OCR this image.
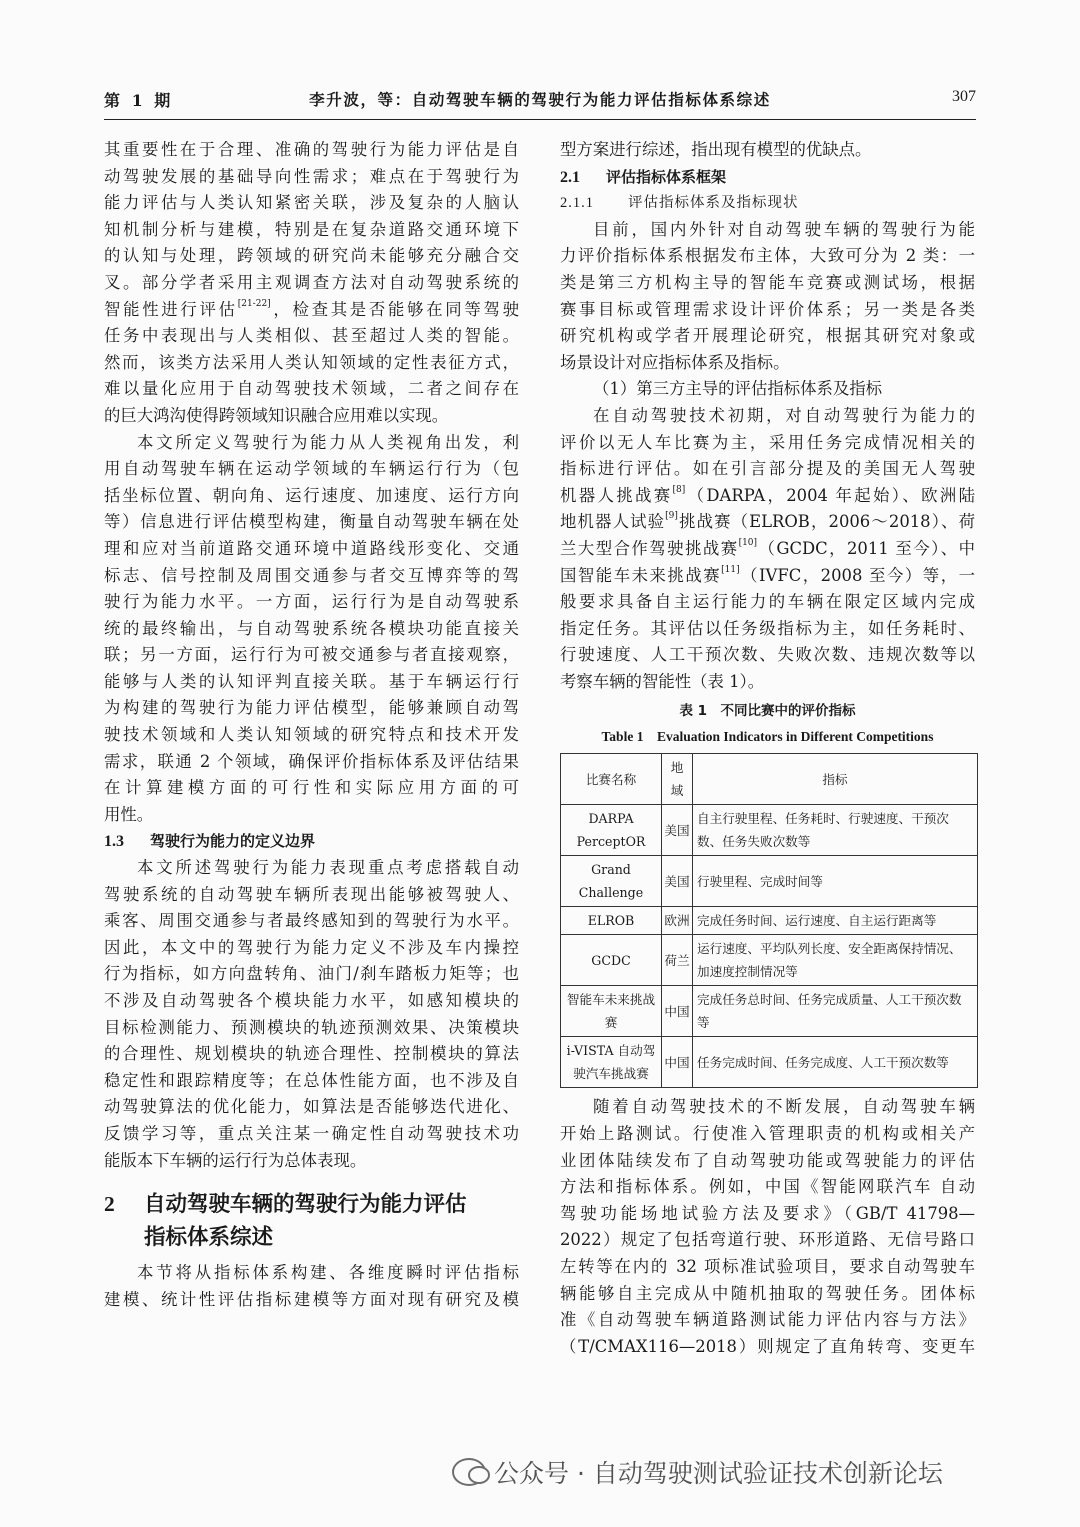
第 1 期	李升波，等：自动驾驶车辆的驾驶行为能力评估指标体系综述	307
其重要性在于合理、准确的驾驶行为能力评估是自
动驾驶发展的基础导向性需求；难点在于驾驶行为
能力评估与人类认知紧密关联，涉及复杂的人脑认
知机制分析与建模，特别是在复杂道路交通环境下
的认知与处理，跨领域的研究尚未能够充分融合交
叉。部分学者采用主观调查方法对自动驾驶系统的
智能性进行评估[21-22]，检查其是否能够在同等驾驶
任务中表现出与人类相似、甚至超过人类的智能。
然而，该类方法采用人类认知领域的定性表征方式，
难以量化应用于自动驾驶技术领域，二者之间存在
的巨大鸿沟使得跨领域知识融合应用难以实现。
本文所定义驾驶行为能力从人类视角出发，利
用自动驾驶车辆在运动学领域的车辆运行行为（包
括坐标位置、朝向角、运行速度、加速度、运行方向
等）信息进行评估模型构建，衡量自动驾驶车辆在处
理和应对当前道路交通环境中道路线形变化、交通
标志、信号控制及周围交通参与者交互博弈等的驾
驶行为能力水平。一方面，运行行为是自动驾驶系
统的最终输出，与自动驾驶系统各模块功能直接关
联；另一方面，运行行为可被交通参与者直接观察，
能够与人类的认知评判直接关联。基于车辆运行行
为构建的驾驶行为能力评估模型，能够兼顾自动驾
驶技术领域和人类认知领域的研究特点和技术开发
需求，联通 2 个领域，确保评价指标体系及评估结果
在计算建模方面的可行性和实际应用方面的可
用性。
1.3 驾驶行为能力的定义边界
本文所述驾驶行为能力表现重点考虑搭载自动
驾驶系统的自动驾驶车辆所表现出能够被驾驶人、
乘客、周围交通参与者最终感知到的驾驶行为水平。
因此，本文中的驾驶行为能力定义不涉及车内操控
行为指标，如方向盘转角、油门/刹车踏板力矩等；也
不涉及自动驾驶各个模块能力水平，如感知模块的
目标检测能力、预测模块的轨迹预测效果、决策模块
的合理性、规划模块的轨迹合理性、控制模块的算法
稳定性和跟踪精度等；在总体性能方面，也不涉及自
动驾驶算法的优化能力，如算法是否能够迭代进化、
反馈学习等，重点关注某一确定性自动驾驶技术功
能版本下车辆的运行行为总体表现。
2 自动驾驶车辆的驾驶行为能力评估
指标体系综述
本节将从指标体系构建、各维度瞬时评估指标
建模、统计性评估指标建模等方面对现有研究及模
型方案进行综述，指出现有模型的优缺点。
2.1 评估指标体系框架
2.1.1 评估指标体系及指标现状
目前，国内外针对自动驾驶车辆的驾驶行为能
力评价指标体系根据发布主体，大致可分为 2 类：一
类是第三方机构主导的智能车竞赛或测试场，根据
赛事目标或管理需求设计评价体系；另一类是各类
研究机构或学者开展理论研究，根据其研究对象或
场景设计对应指标体系及指标。
（1）第三方主导的评估指标体系及指标
在自动驾驶技术初期，对自动驾驶行为能力的
评价以无人车比赛为主，采用任务完成情况相关的
指标进行评估。如在引言部分提及的美国无人驾驶
机器人挑战赛[8]（DARPA，2004 年起始）、欧洲陆
地机器人试验[9]挑战赛（ELROB，2006～2018）、荷
兰大型合作驾驶挑战赛[10]（GCDC，2011 至今）、中
国智能车未来挑战赛[11]（IVFC，2008 至今）等，一
般要求具备自主运行能力的车辆在限定区域内完成
指定任务。其评估以任务级指标为主，如任务耗时、
行驶速度、人工干预次数、失败次数、违规次数等以
考察车辆的智能性（表 1）。
表 1　不同比赛中的评价指标
Table 1　Evaluation Indicators in Different Competitions
比赛名称	地域	指标
DARPA PerceptOR	美国	自主行驶里程、任务耗时、行驶速度、干预次数、任务失败次数等
Grand Challenge	美国	行驶里程、完成时间等
ELROB	欧洲	完成任务时间、运行速度、自主运行距离等
GCDC	荷兰	运行速度、平均队列长度、安全距离保持情况、加速度控制情况等
智能车未来挑战赛	中国	完成任务总时间、任务完成质量、人工干预次数等
i-VISTA 自动驾驶汽车挑战赛	中国	任务完成时间、任务完成度、人工干预次数等
随着自动驾驶技术的不断发展，自动驾驶车辆
开始上路测试。行使准入管理职责的机构或相关产
业团体陆续发布了自动驾驶功能或驾驶能力的评估
方法和指标体系。例如，中国《智能网联汽车 自动
驾驶功能场地试验方法及要求》（GB/T 41798—
2022）规定了包括弯道行驶、环形道路、无信号路口
左转等在内的 32 项标准试验项目，要求自动驾驶车
辆能够自主完成从中随机抽取的驾驶任务。团体标
准《自动驾驶车辆道路测试能力评估内容与方法》
（T/CMAX116—2018）则规定了直角转弯、变更车
公众号 · 自动驾驶测试验证技术创新论坛
